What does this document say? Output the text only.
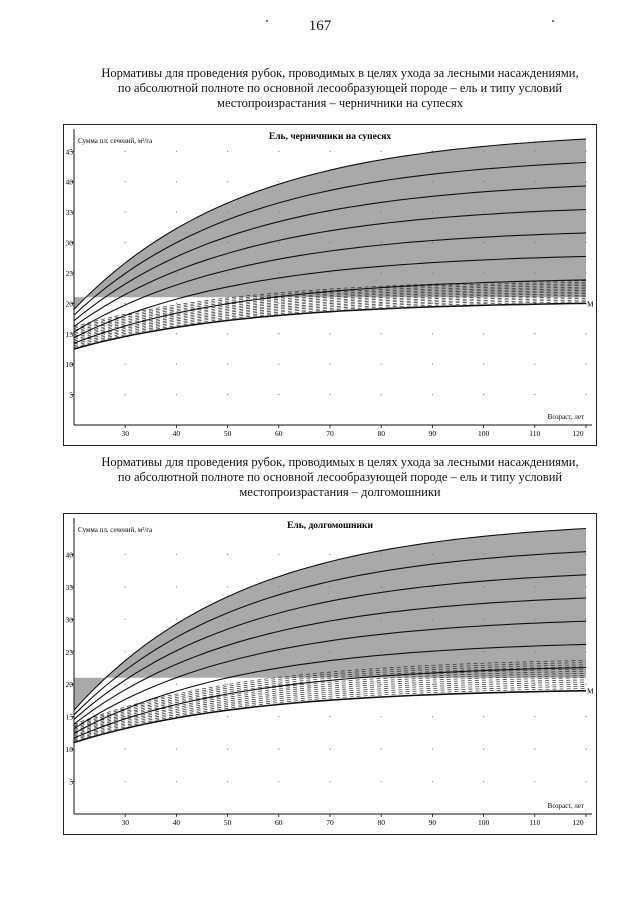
167
Нормативы для проведения рубок, проводимых в целях ухода за лесными насаждениями,
по абсолютной полноте по основной лесообразующей породе – ель и типу условий
местопроизрастания – черничники на супесях
30	40	50	60	70	80	90	100	110	120
5
10
15
20
25
30
35
40
45
Сумма пл. сечений, м²/га
Возраст, лет
Ель, черничники на супесях
М
Нормативы для проведения рубок, проводимых в целях ухода за лесными насаждениями,
по абсолютной полноте по основной лесообразующей породе – ель и типу условий
местопроизрастания – долгомошники
30	40	50	60	70	80	90	100	110	120
5
10
15
20
25
30
35
40
Сумма пл. сечений, м²/га
Возраст, лет
Ель, долгомошники
М
